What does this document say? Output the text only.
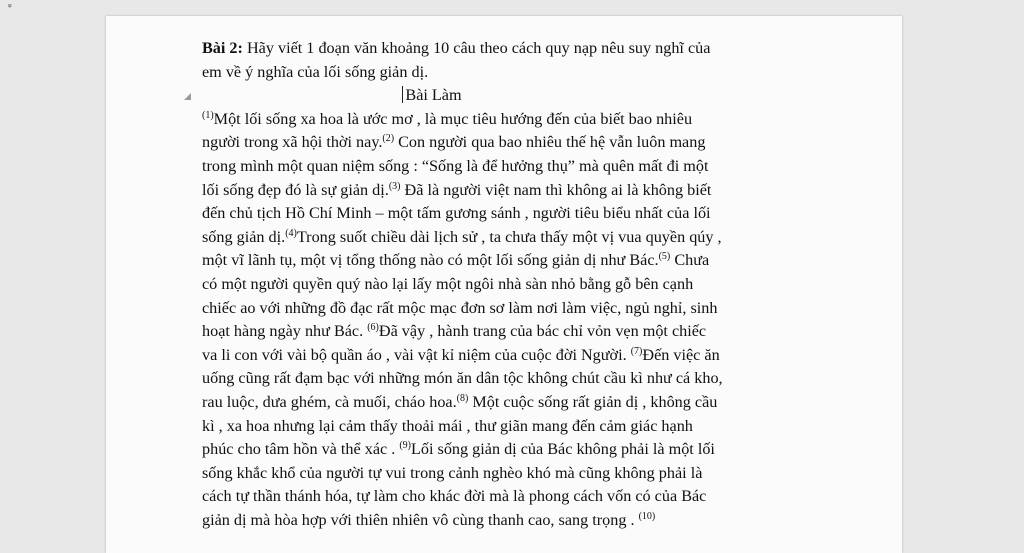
ᵩ
Bài 2: Hãy viết 1 đoạn văn khoảng 10 câu theo cách quy nạp nêu suy nghĩ của
em về ý nghĩa của lối sống giản dị.
Bài Làm
$^{(1)}$Một lối sống xa hoa là ước mơ , là mục tiêu hướng đến của biết bao nhiêu
người trong xã hội thời nay.$^{(2)}$ Con người qua bao nhiêu thế hệ vẫn luôn mang
trong mình một quan niệm sống : “Sống là để hưởng thụ” mà quên mất đi một
lối sống đẹp đó là sự giản dị.$^{(3)}$ Đã là người việt nam thì không ai là không biết
đến chủ tịch Hồ Chí Minh – một tấm gương sánh , người tiêu biểu nhất của lối
sống giản dị.$^{(4)}$Trong suốt chiều dài lịch sử , ta chưa thấy một vị vua quyền qúy ,
một vĩ lãnh tụ, một vị tổng thống nào có một lối sống giản dị như Bác.$^{(5)}$ Chưa
có một người quyền quý nào lại lấy một ngôi nhà sàn nhỏ bằng gỗ bên cạnh
chiếc ao với những đồ đạc rất mộc mạc đơn sơ làm nơi làm việc, ngủ nghỉ, sinh
hoạt hàng ngày như Bác. $^{(6)}$Đã vậy , hành trang của bác chỉ vỏn vẹn một chiếc
va li con với vài bộ quần áo , vài vật kỉ niệm của cuộc đời Người. $^{(7)}$Đến việc ăn
uống cũng rất đạm bạc với những món ăn dân tộc không chút cầu kì như cá kho,
rau luộc, dưa ghém, cà muối, cháo hoa.$^{(8)}$ Một cuộc sống rất giản dị , không cầu
kì , xa hoa nhưng lại cảm thấy thoải mái , thư giãn mang đến cảm giác hạnh
phúc cho tâm hồn và thể xác . $^{(9)}$Lối sống giản dị của Bác không phải là một lối
sống khắc khổ của người tự vui trong cảnh nghèo khó mà cũng không phải là
cách tự thần thánh hóa, tự làm cho khác đời mà là phong cách vốn có của Bác
giản dị mà hòa hợp với thiên nhiên vô cùng thanh cao, sang trọng . $^{(10)}$
